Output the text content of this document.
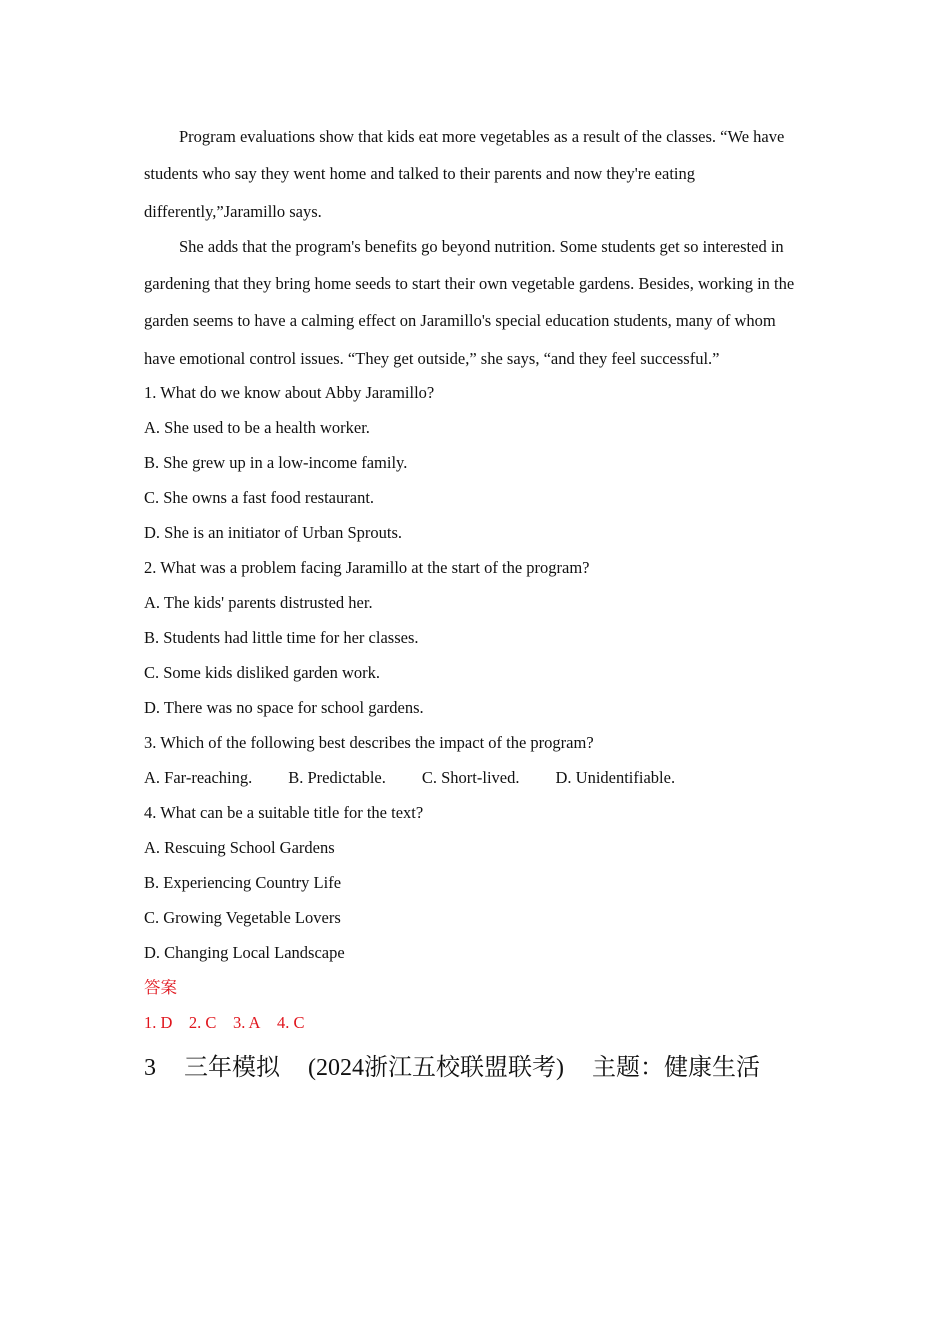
Program evaluations show that kids eat more vegetables as a result of the classes. “We have students who say they went home and talked to their parents and now they're eating differently,”Jaramillo says.

She adds that the program's benefits go beyond nutrition. Some students get so interested in gardening that they bring home seeds to start their own vegetable gardens. Besides, working in the garden seems to have a calming effect on Jaramillo's special education students, many of whom have emotional control issues. “They get outside,” she says, “and they feel successful.”

1. What do we know about Abby Jaramillo?

A. She used to be a health worker.

B. She grew up in a low-income family.

C. She owns a fast food restaurant.

D. She is an initiator of Urban Sprouts.

2. What was a problem facing Jaramillo at the start of the program?

A. The kids' parents distrusted her.

B. Students had little time for her classes.

C. Some kids disliked garden work.

D. There was no space for school gardens.

3. Which of the following best describes the impact of the program?

A. Far-reaching. B. Predictable. C. Short-lived. D. Unidentifiable.

4. What can be a suitable title for the text?

A. Rescuing School Gardens

B. Experiencing Country Life

C. Growing Vegetable Lovers

D. Changing Local Landscape

答案

1. D 2. C 3. A 4. C

3 三年模拟 (2024浙江五校联盟联考) 主题：健康生活
